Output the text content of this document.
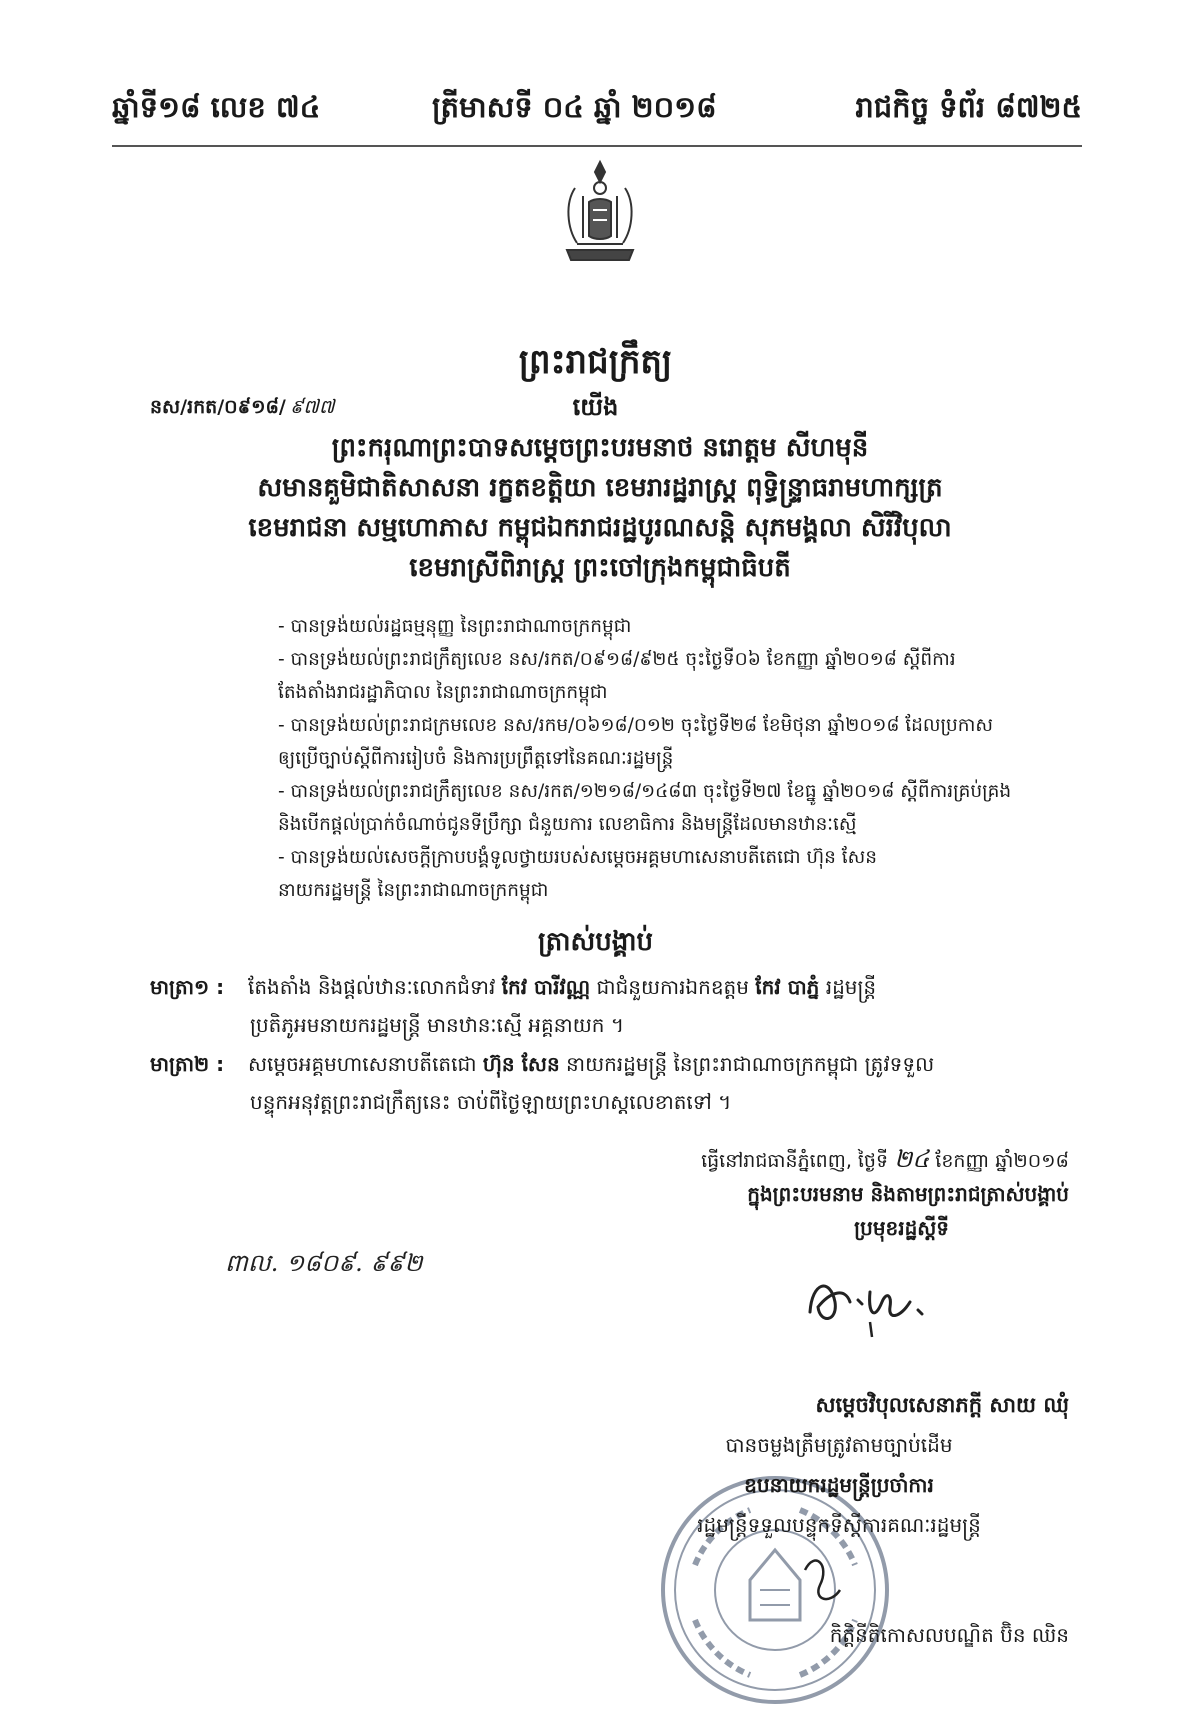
ឆ្នាំទី១៨ លេខ ៧៤	ត្រីមាសទី ០៤ ឆ្នាំ ២០១៨	រាជកិច្ច ទំព័រ ៨៧២៥
ព្រះរាជក្រឹត្យ
នស/រកត/០៩១៨/ ៩៧៧	យើង
ព្រះករុណាព្រះបាទសម្តេចព្រះបរមនាថ នរោត្តម សីហមុនី
សមានគួមិជាតិសាសនា រក្ខតខត្តិយា ខេមរារដ្ឋរាស្ត្រ ពុទ្ធិន្ទ្រាធរាមហាក្សត្រ
ខេមរាជនា សម្មហោភាស កម្ពុជឯករាជរដ្ឋបូរណសន្តិ សុភមង្គលា សិរីវិបុលា
ខេមរាស្រីពិរាស្ត្រ ព្រះចៅក្រុងកម្ពុជាធិបតី
- បានទ្រង់យល់រដ្ឋធម្មនុញ្ញ នៃព្រះរាជាណាចក្រកម្ពុជា
- បានទ្រង់យល់ព្រះរាជក្រឹត្យលេខ នស/រកត/០៩១៨/៩២៥ ចុះថ្ងៃទី០៦ ខែកញ្ញា ឆ្នាំ២០១៨ ស្តីពីការ
តែងតាំងរាជរដ្ឋាភិបាល នៃព្រះរាជាណាចក្រកម្ពុជា
- បានទ្រង់យល់ព្រះរាជក្រមលេខ នស/រកម/០៦១៨/០១២ ចុះថ្ងៃទី២៨ ខែមិថុនា ឆ្នាំ២០១៨ ដែលប្រកាស
ឲ្យប្រើច្បាប់ស្តីពីការរៀបចំ និងការប្រព្រឹត្តទៅនៃគណៈរដ្ឋមន្ត្រី
- បានទ្រង់យល់ព្រះរាជក្រឹត្យលេខ នស/រកត/១២១៨/១៤៨៣ ចុះថ្ងៃទី២៧ ខែធ្នូ ឆ្នាំ២០១៨ ស្តីពីការគ្រប់គ្រង
និងបើកផ្តល់ប្រាក់ចំណាច់ជូនទីប្រឹក្សា ជំនួយការ លេខាធិការ និងមន្ត្រីដែលមានឋានៈស្មើ
- បានទ្រង់យល់សេចក្តីក្រាបបង្គំទូលថ្វាយរបស់សម្តេចអគ្គមហាសេនាបតីតេជោ ហ៊ុន សែន
នាយករដ្ឋមន្ត្រី នៃព្រះរាជាណាចក្រកម្ពុជា
ត្រាស់បង្គាប់
មាត្រា១ : តែងតាំង និងផ្តល់ឋានៈលោកជំទាវ កែវ បារីវណ្ណ ជាជំនួយការឯកឧត្តម កែវ បាភ្នំ រដ្ឋមន្ត្រី
ប្រតិភូអមនាយករដ្ឋមន្ត្រី មានឋានៈស្មើ អគ្គនាយក ។
មាត្រា២ : សម្តេចអគ្គមហាសេនាបតីតេជោ ហ៊ុន សែន នាយករដ្ឋមន្ត្រី នៃព្រះរាជាណាចក្រកម្ពុជា ត្រូវទទួល
បន្ទុកអនុវត្តព្រះរាជក្រឹត្យនេះ ចាប់ពីថ្ងៃឡាយព្រះហស្តលេខាតទៅ ។
ធ្វើនៅរាជធានីភ្នំពេញ, ថ្ងៃទី ២៤ ខែកញ្ញា ឆ្នាំ២០១៨
ក្នុងព្រះបរមនាម និងតាមព្រះរាជត្រាស់បង្គាប់
ប្រមុខរដ្ឋស្តីទី
ពាល. ១៨០៩. ៩៩២
សម្តេចវិបុលសេនាភក្តី សាយ ឈុំ
បានចម្លងត្រឹមត្រូវតាមច្បាប់ដើម
ឧបនាយករដ្ឋមន្ត្រីប្រចាំការ
រដ្ឋមន្ត្រីទទួលបន្ទុកទីស្តីការគណៈរដ្ឋមន្ត្រី
កិត្តិនីតិកោសលបណ្ឌិត ប៊ិន ឈិន
